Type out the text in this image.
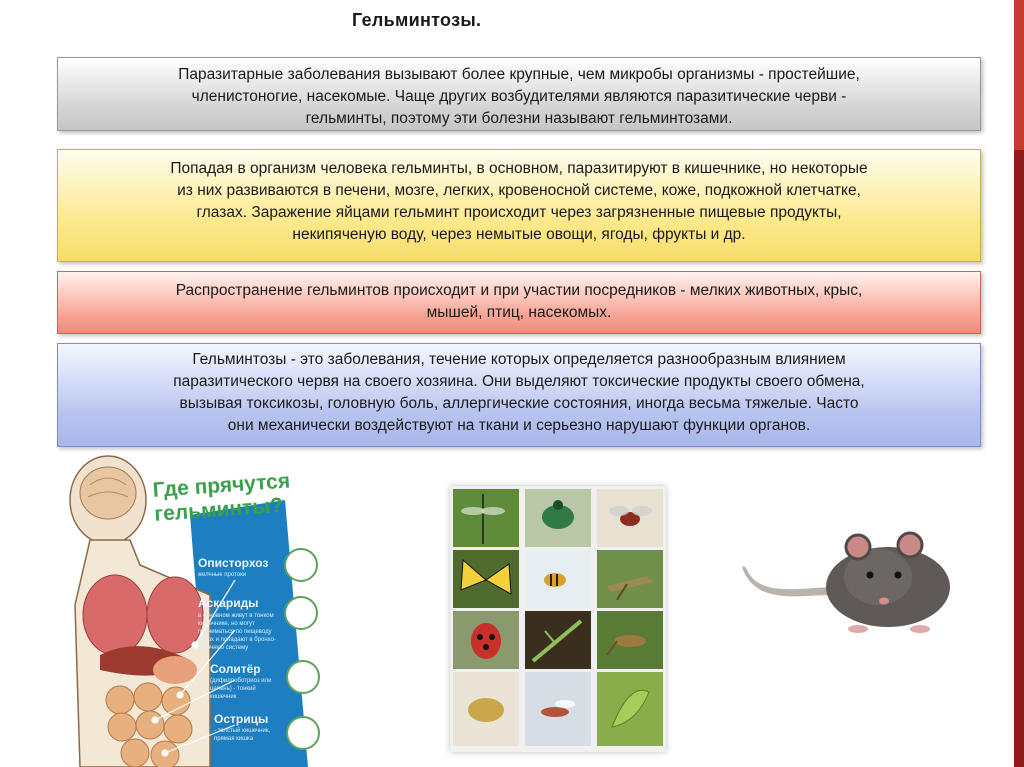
Гельминтозы.
Паразитарные заболевания вызывают более крупные, чем микробы организмы - простейшие,
членистоногие, насекомые. Чаще других возбудителями являются паразитические черви -
гельминты, поэтому эти болезни называют гельминтозами.
Попадая в организм человека гельминты, в основном, паразитируют в кишечнике, но некоторые
из них развиваются в печени, мозге, легких, кровеносной системе, коже, подкожной клетчатке,
глазах. Заражение яйцами гельминт происходит через загрязненные пищевые продукты,
некипяченую воду, через немытые овощи, ягоды, фрукты и др.
Распространение гельминтов происходит и при участии посредников - мелких животных, крыс,
мышей, птиц, насекомых.
Гельминтозы - это заболевания, течение которых определяется разнообразным влиянием
паразитического червя на своего хозяина. Они выделяют токсические продукты своего обмена,
вызывая токсикозы, головную боль, аллергические состояния, иногда весьма тяжелые. Часто
они механически воздействуют на ткани и серьезно нарушают функции органов.
Где прячутся
гельминты?
Описторхоз
желчные протоки
Аскариды
в основном живут в тонком кишечнике, но могут подниматься по пищеводу вверх и попадают в бронхо-легочную систему
Солитёр
(дифиллоботриоз или цепень) - тонкий кишечник
Острицы
- толстый кишечник, прямая кишка
